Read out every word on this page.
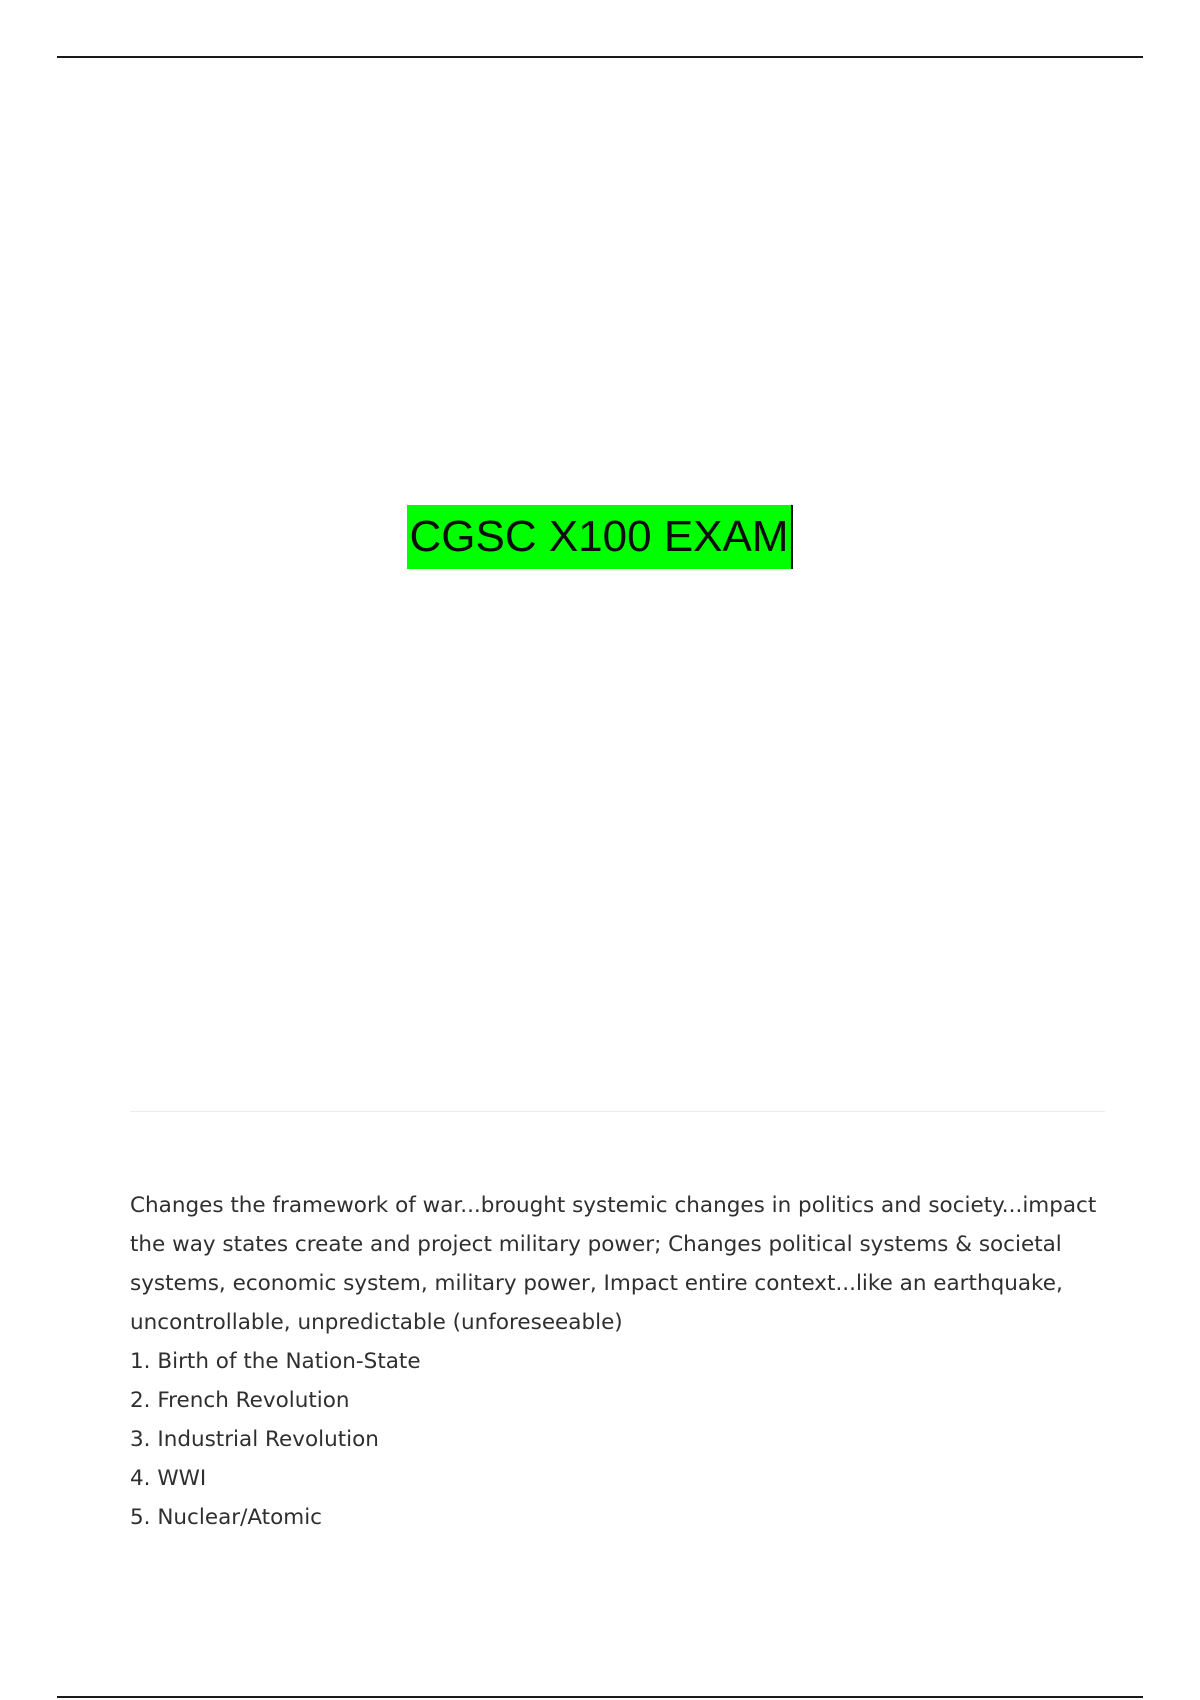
CGSC X100 EXAM

Changes the framework of war...brought systemic changes in politics and society...impact the way states create and project military power; Changes political systems & societal systems, economic system, military power, Impact entire context...like an earthquake, uncontrollable, unpredictable (unforeseeable)

1. Birth of the Nation-State
2. French Revolution
3. Industrial Revolution
4. WWI
5. Nuclear/Atomic
